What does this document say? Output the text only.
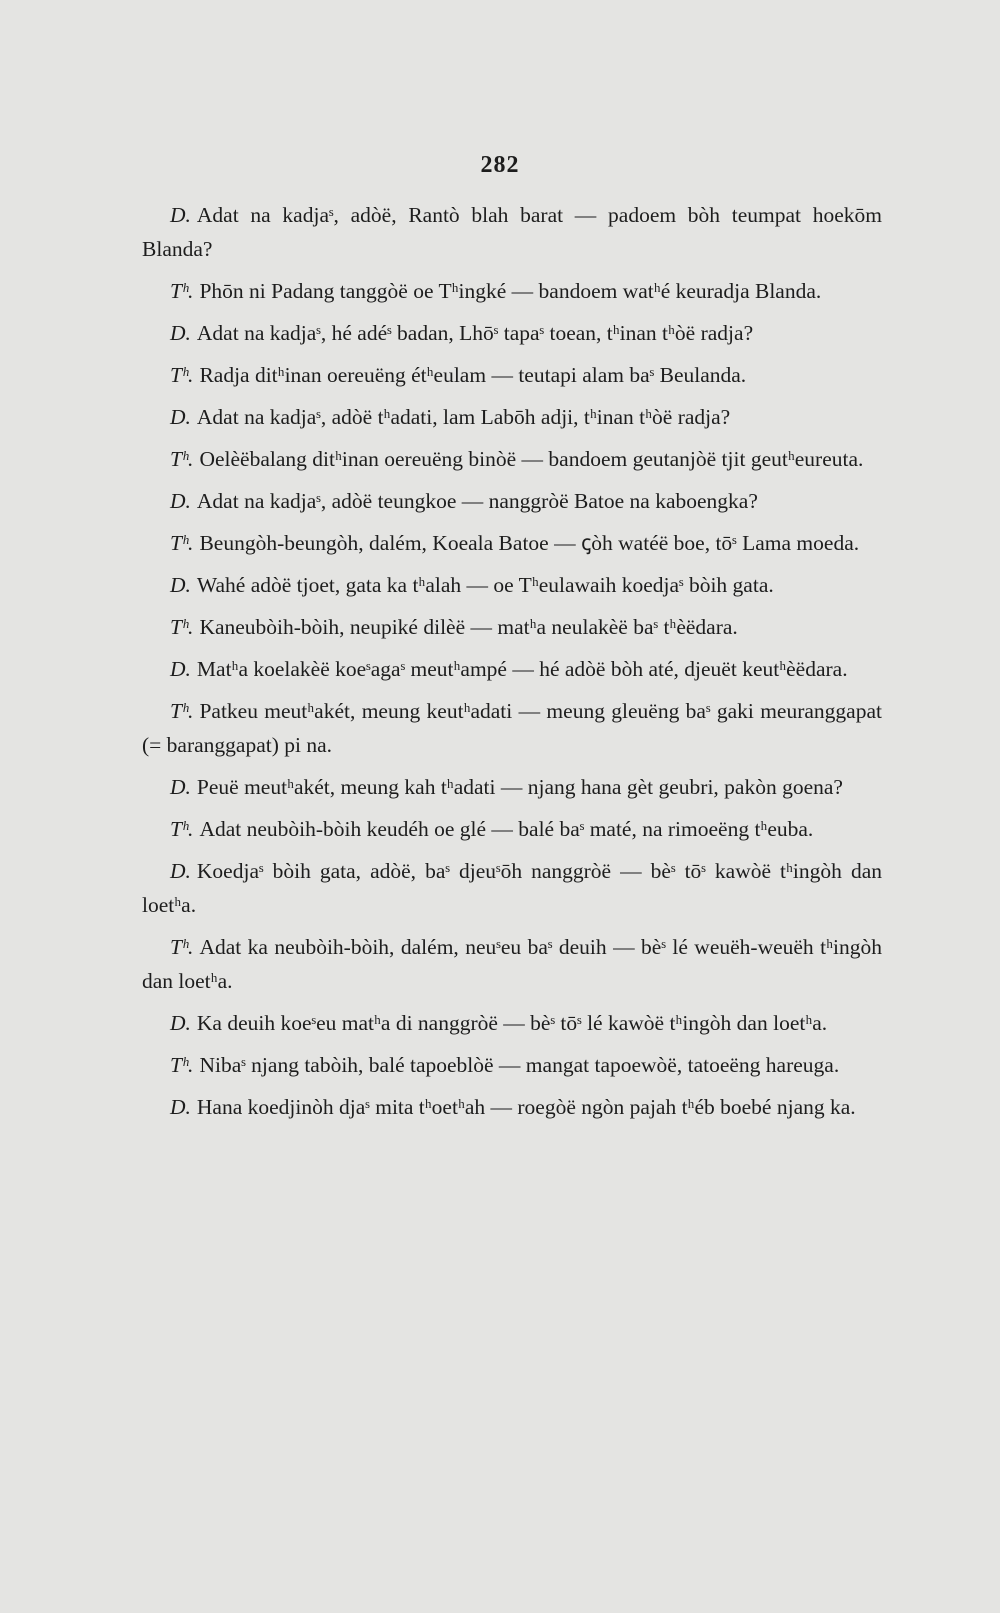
282

D. Adat na kadjaˢ, adòë, Rantò blah barat — padoem bòh teumpat hoekōm Blanda?

Tʰ. Phōn ni Padang tanggòë oe Tʰingké — bandoem watʰé keuradja Blanda.

D. Adat na kadjaˢ, hé adéˢ badan, Lhōˢ tapaˢ toean, tʰinan tʰòë radja?

Tʰ. Radja ditʰinan oereuëng étʰeulam — teutapi alam baˢ Beulanda.

D. Adat na kadjaˢ, adòë tʰadati, lam Labōh adji, tʰinan tʰòë radja?

Tʰ. Oelèëbalang ditʰinan oereuëng binòë — bandoem geutanjòë tjit geutʰeureuta.

D. Adat na kadjaˢ, adòë teungkoe — nanggròë Batoe na kaboengka?

Tʰ. Beungòh-beungòh, dalém, Koeala Batoe — ꞔòh watéë boe, tōˢ Lama moeda.

D. Wahé adòë tjoet, gata ka tʰalah — oe Tʰeulawaih koedjaˢ bòih gata.

Tʰ. Kaneubòih-bòih, neupiké dilèë — matʰa neulakèë baˢ tʰèëdara.

D. Matʰa koelakèë koeˢagaˢ meutʰampé — hé adòë bòh até, djeuët keutʰèëdara.

Tʰ. Patkeu meutʰakét, meung keutʰadati — meung gleuëng baˢ gaki meuranggapat (= baranggapat) pi na.

D. Peuë meutʰakét, meung kah tʰadati — njang hana gèt geubri, pakòn goena?

Tʰ. Adat neubòih-bòih keudéh oe glé — balé baˢ maté, na rimoeëng tʰeuba.

D. Koedjaˢ bòih gata, adòë, baˢ djeuˢōh nanggròë — bèˢ tōˢ kawòë tʰingòh dan loetʰa.

Tʰ. Adat ka neubòih-bòih, dalém, neuˢeu baˢ deuih — bèˢ lé weuëh-weuëh tʰingòh dan loetʰa.

D. Ka deuih koeˢeu matʰa di nanggròë — bèˢ tōˢ lé kawòë tʰingòh dan loetʰa.

Tʰ. Nibaˢ njang tabòih, balé tapoeblòë — mangat tapoewòë, tatoeëng hareuga.

D. Hana koedjinòh djaˢ mita tʰoetʰah — roegòë ngòn pajah tʰéb boebé njang ka.
